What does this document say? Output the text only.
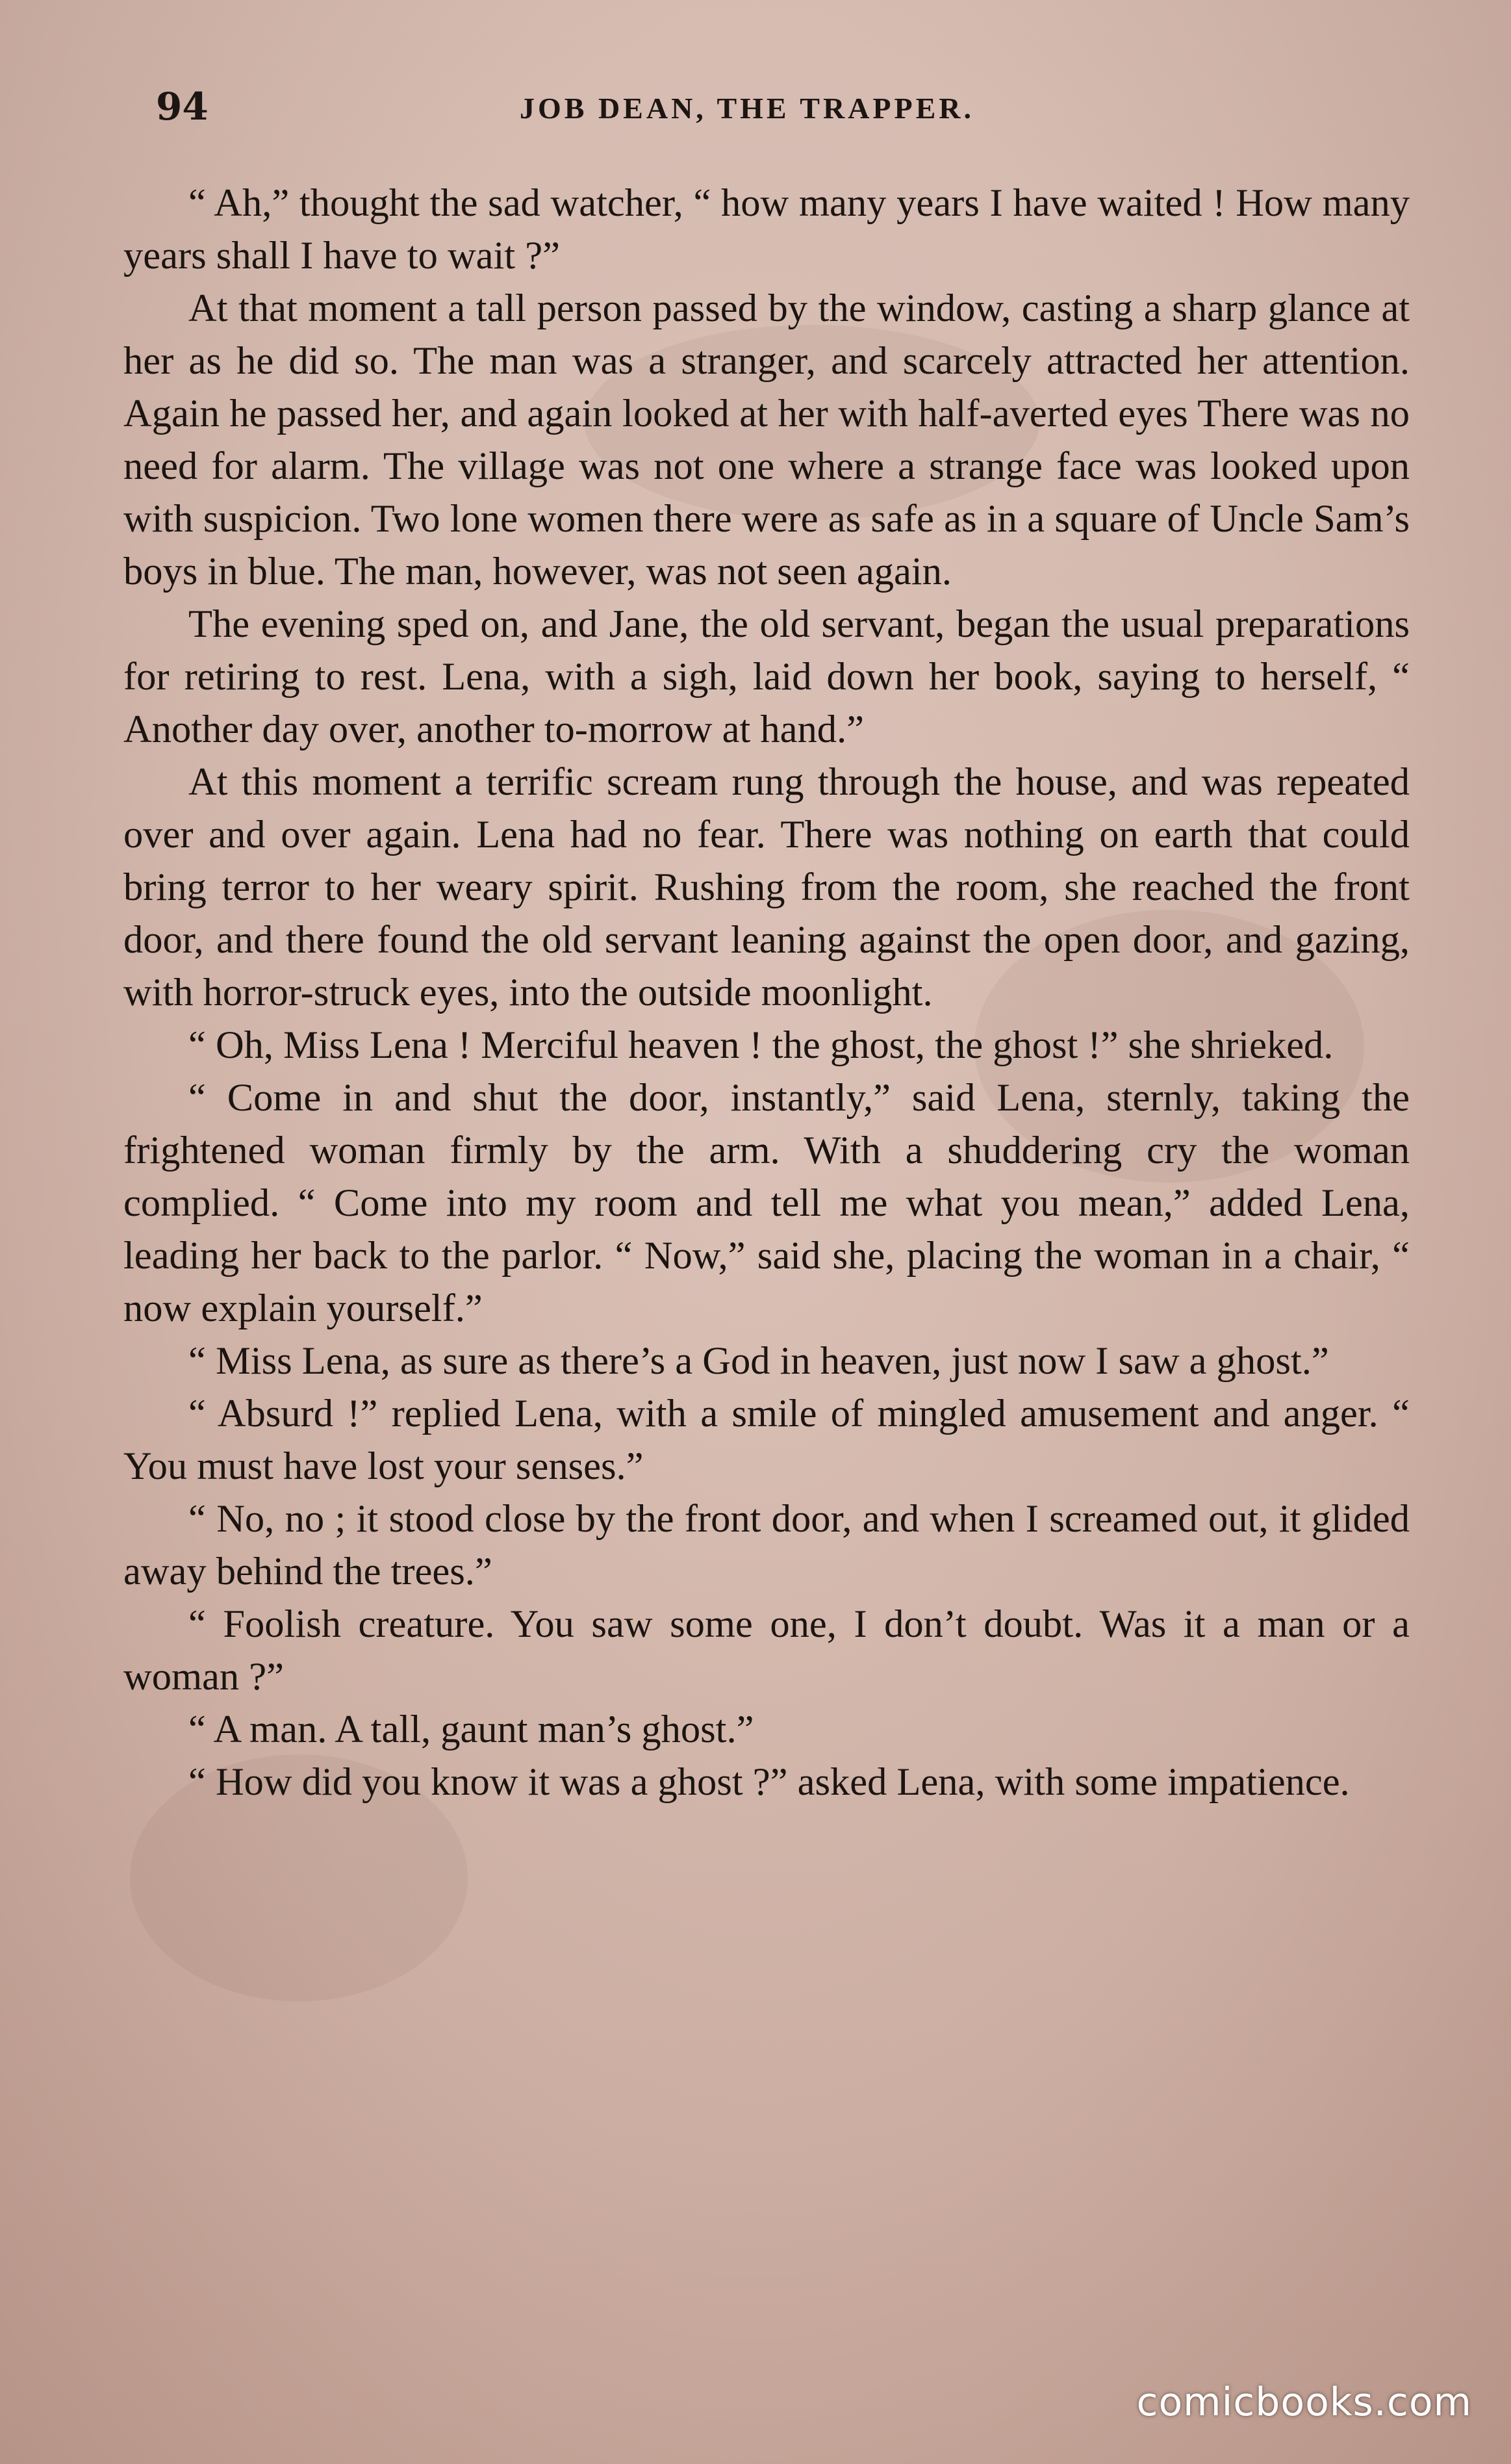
94	JOB DEAN, THE TRAPPER.

“ Ah,” thought the sad watcher, “ how many years I have waited ! How many years shall I have to wait ?”

At that moment a tall person passed by the window, casting a sharp glance at her as he did so. The man was a stranger, and scarcely attracted her attention. Again he passed her, and again looked at her with half-averted eyes There was no need for alarm. The village was not one where a strange face was looked upon with suspicion. Two lone women there were as safe as in a square of Uncle Sam’s boys in blue. The man, however, was not seen again.

The evening sped on, and Jane, the old servant, began the usual preparations for retiring to rest. Lena, with a sigh, laid down her book, saying to herself, “ Another day over, another to-morrow at hand.”

At this moment a terrific scream rung through the house, and was repeated over and over again. Lena had no fear. There was nothing on earth that could bring terror to her weary spirit. Rushing from the room, she reached the front door, and there found the old servant leaning against the open door, and gazing, with horror-struck eyes, into the outside moonlight.

“ Oh, Miss Lena ! Merciful heaven ! the ghost, the ghost !” she shrieked.

“ Come in and shut the door, instantly,” said Lena, sternly, taking the frightened woman firmly by the arm. With a shuddering cry the woman complied. “ Come into my room and tell me what you mean,” added Lena, leading her back to the parlor. “ Now,” said she, placing the woman in a chair, “ now explain yourself.”

“ Miss Lena, as sure as there’s a God in heaven, just now I saw a ghost.”

“ Absurd !” replied Lena, with a smile of mingled amusement and anger. “ You must have lost your senses.”

“ No, no ; it stood close by the front door, and when I screamed out, it glided away behind the trees.”

“ Foolish creature. You saw some one, I don’t doubt. Was it a man or a woman ?”

“ A man. A tall, gaunt man’s ghost.”

“ How did you know it was a ghost ?” asked Lena, with some impatience.

comicbooks.com
